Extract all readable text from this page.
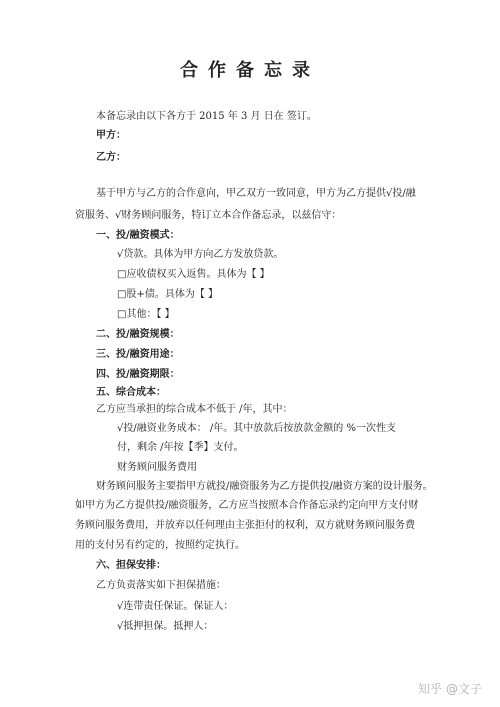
合作备忘录
本备忘录由以下各方于 2015 年 3 月 日在 签订。
甲方：
乙方：
基于甲方与乙方的合作意向，甲乙双方一致同意，甲方为乙方提供√投/融
资服务、√财务顾问服务，特订立本合作备忘录，以兹信守：
一、投/融资模式：
√贷款。具体为甲方向乙方发放贷款。
□应收债权买入返售。具体为【 】
□股+债。具体为【 】
□其他：【 】
二、投/融资规模：
三、投/融资用途：
四、投/融资期限：
五、综合成本：
乙方应当承担的综合成本不低于 /年，其中：
√投/融资业务成本： /年。其中放款后按放款金额的 %一次性支
付，剩余 /年按【季】支付。
财务顾问服务费用
财务顾问服务主要指甲方就投/融资服务为乙方提供投/融资方案的设计服务。
如甲方为乙方提供投/融资服务，乙方应当按照本合作备忘录约定向甲方支付财
务顾问服务费用，并放弃以任何理由主张拒付的权利，双方就财务顾问服务费
用的支付另有约定的，按照约定执行。
六、担保安排：
乙方负责落实如下担保措施：
√连带责任保证。保证人：
√抵押担保。抵押人：
知乎 @文子
